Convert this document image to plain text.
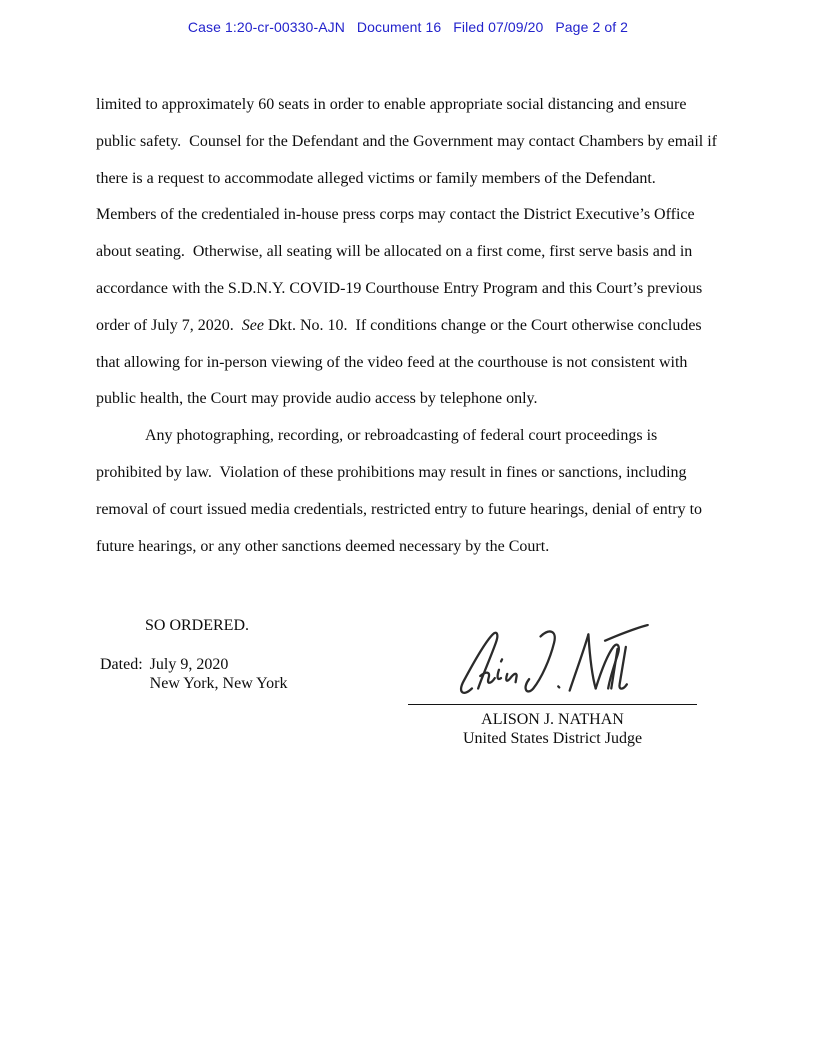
Case 1:20-cr-00330-AJN   Document 16   Filed 07/09/20   Page 2 of 2
limited to approximately 60 seats in order to enable appropriate social distancing and ensure
public safety.  Counsel for the Defendant and the Government may contact Chambers by email if
there is a request to accommodate alleged victims or family members of the Defendant.
Members of the credentialed in-house press corps may contact the District Executive’s Office
about seating.  Otherwise, all seating will be allocated on a first come, first serve basis and in
accordance with the S.D.N.Y. COVID-19 Courthouse Entry Program and this Court’s previous
order of July 7, 2020.  See Dkt. No. 10.  If conditions change or the Court otherwise concludes
that allowing for in-person viewing of the video feed at the courthouse is not consistent with
public health, the Court may provide audio access by telephone only.
Any photographing, recording, or rebroadcasting of federal court proceedings is
prohibited by law.  Violation of these prohibitions may result in fines or sanctions, including
removal of court issued media credentials, restricted entry to future hearings, denial of entry to
future hearings, or any other sanctions deemed necessary by the Court.
SO ORDERED.
Dated: July 9, 2020
New York, New York
ALISON J. NATHAN
United States District Judge
